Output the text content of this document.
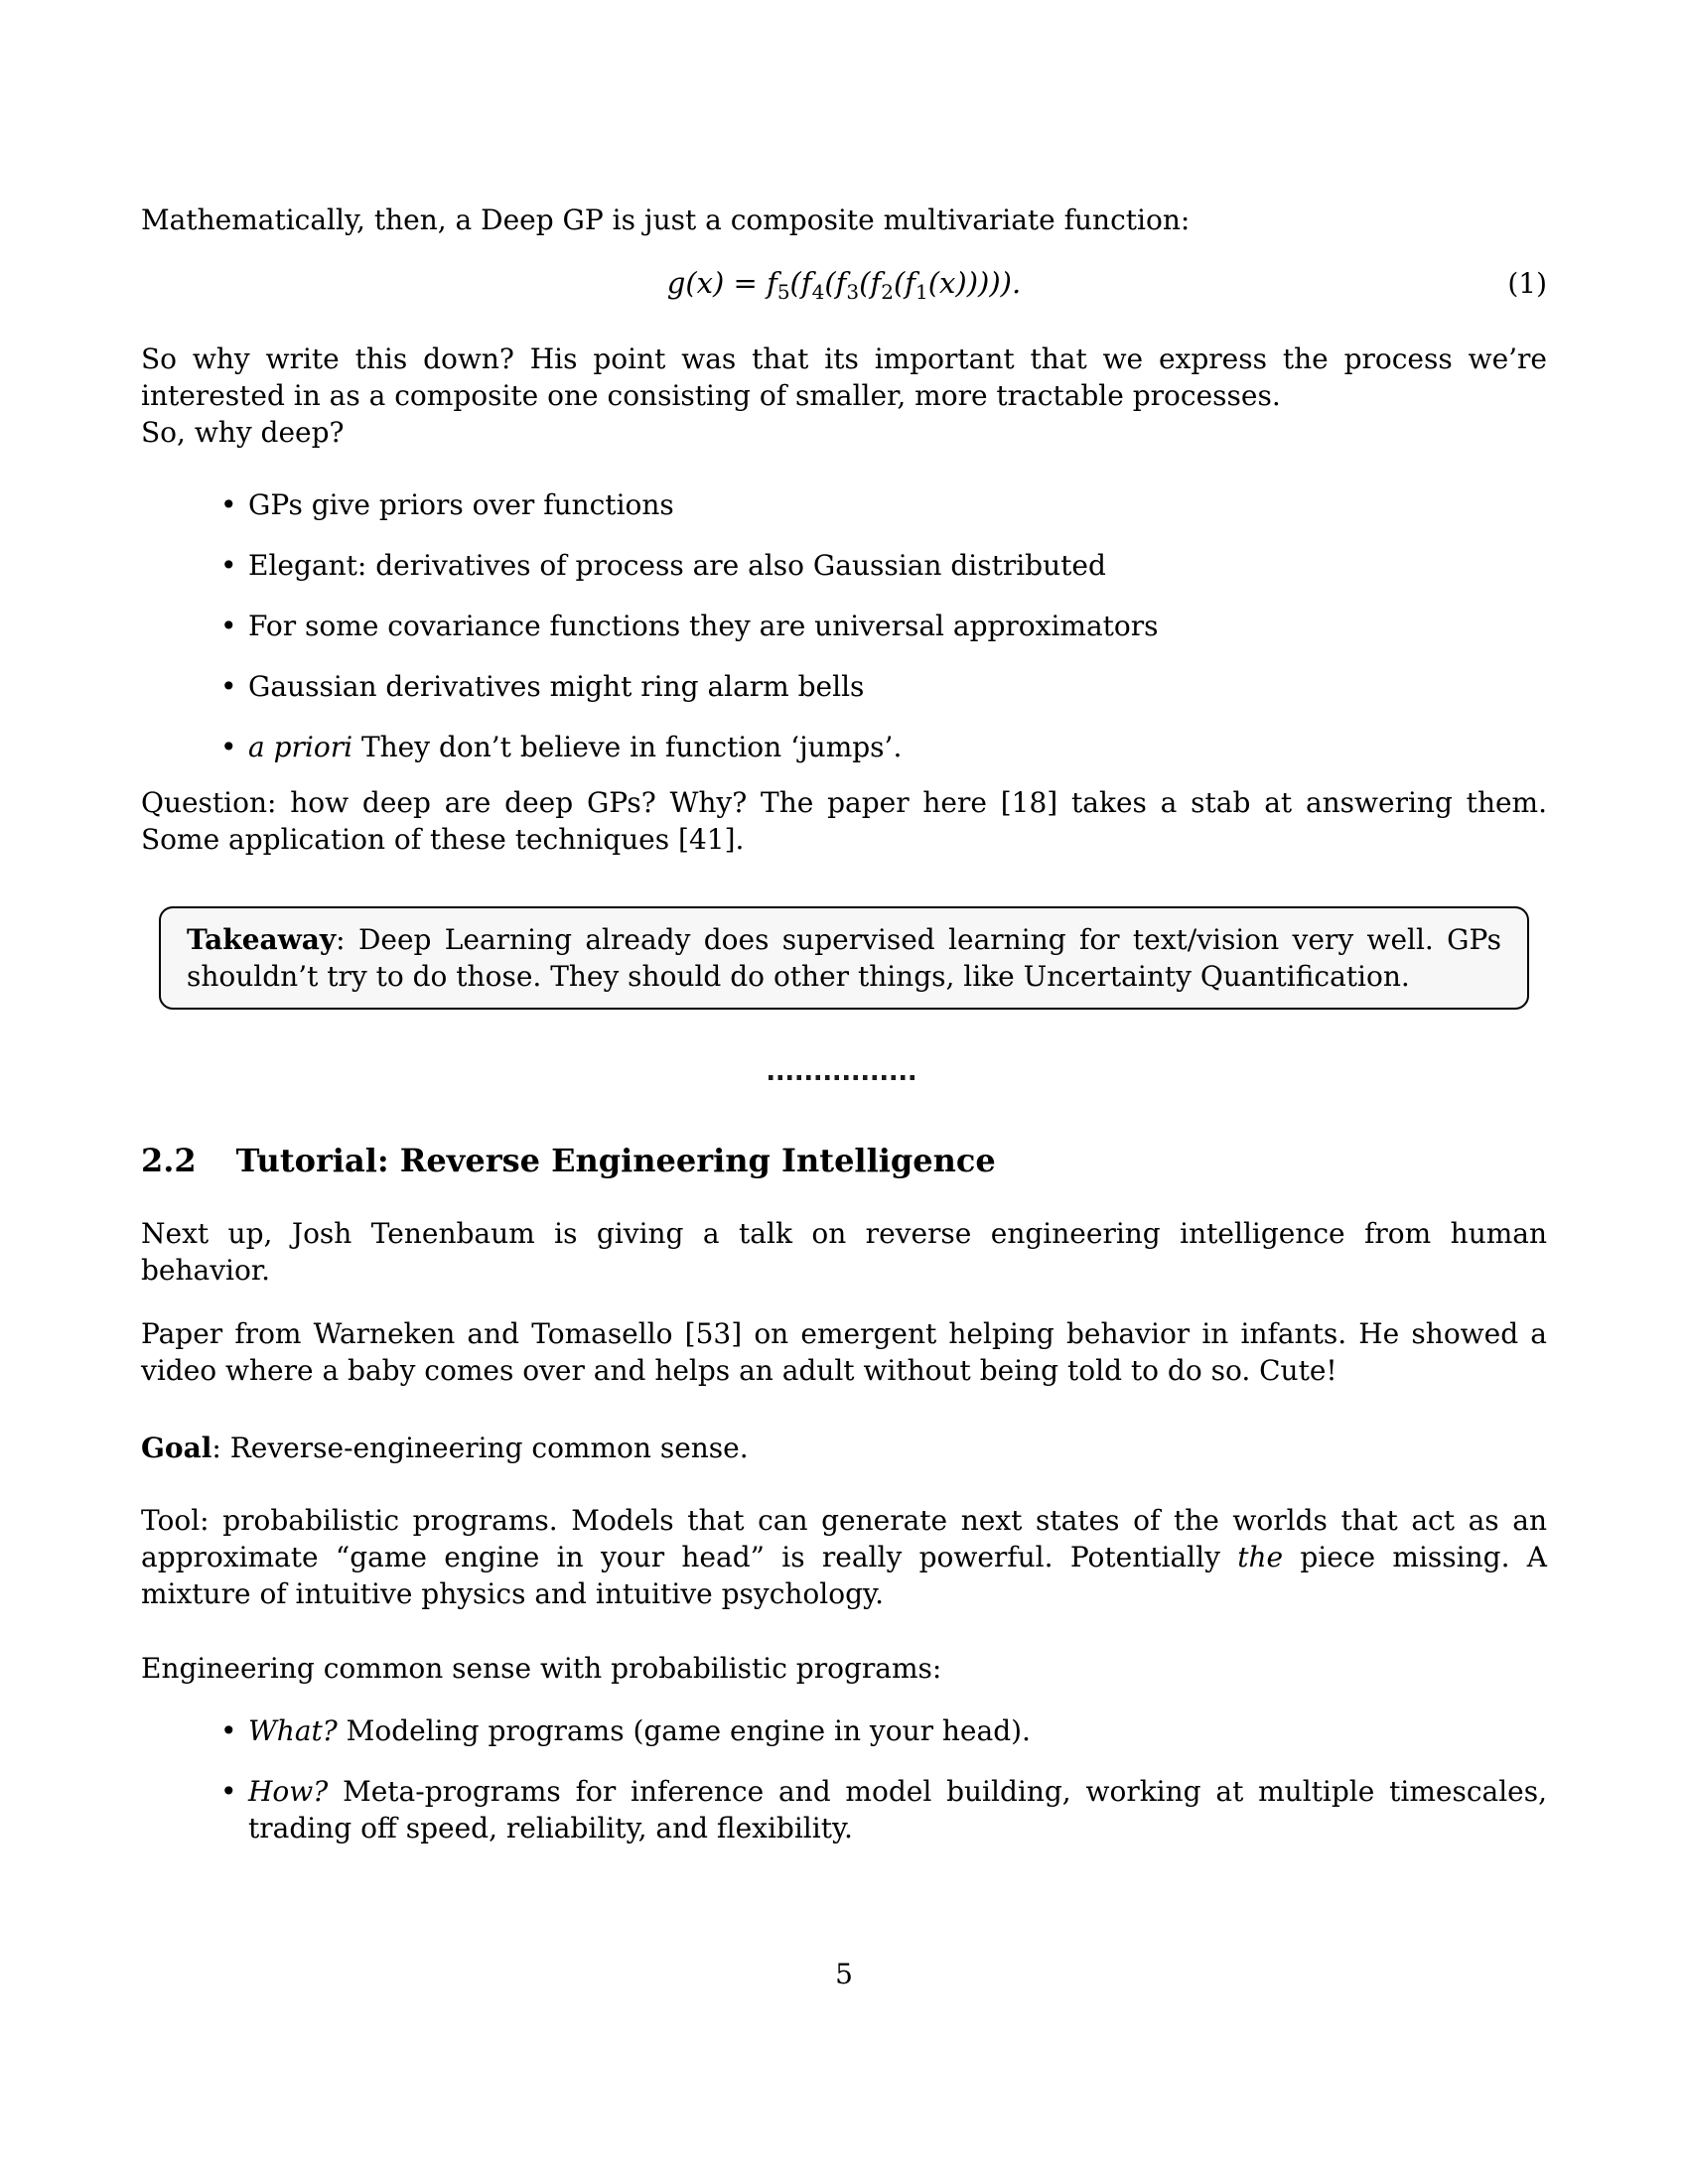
Mathematically, then, a Deep GP is just a composite multivariate function:

$g(x) = f_5(f_4(f_3(f_2(f_1(x)))))$.	(1)

So why write this down? His point was that its important that we express the process we’re interested in as a composite one consisting of smaller, more tractable processes.
So, why deep?

• GPs give priors over functions
• Elegant: derivatives of process are also Gaussian distributed
• For some covariance functions they are universal approximators
• Gaussian derivatives might ring alarm bells
• a priori They don’t believe in function ‘jumps’.

Question: how deep are deep GPs? Why? The paper here [18] takes a stab at answering them. Some application of these techniques [41].

Takeaway: Deep Learning already does supervised learning for text/vision very well. GPs shouldn’t try to do those. They should do other things, like Uncertainty Quantification.

2.2 Tutorial: Reverse Engineering Intelligence

Next up, Josh Tenenbaum is giving a talk on reverse engineering intelligence from human behavior.

Paper from Warneken and Tomasello [53] on emergent helping behavior in infants. He showed a video where a baby comes over and helps an adult without being told to do so. Cute!

Goal: Reverse-engineering common sense.

Tool: probabilistic programs. Models that can generate next states of the worlds that act as an approximate “game engine in your head” is really powerful. Potentially the piece missing. A mixture of intuitive physics and intuitive psychology.

Engineering common sense with probabilistic programs:

• What? Modeling programs (game engine in your head).
• How? Meta-programs for inference and model building, working at multiple timescales, trading off speed, reliability, and flexibility.
5
